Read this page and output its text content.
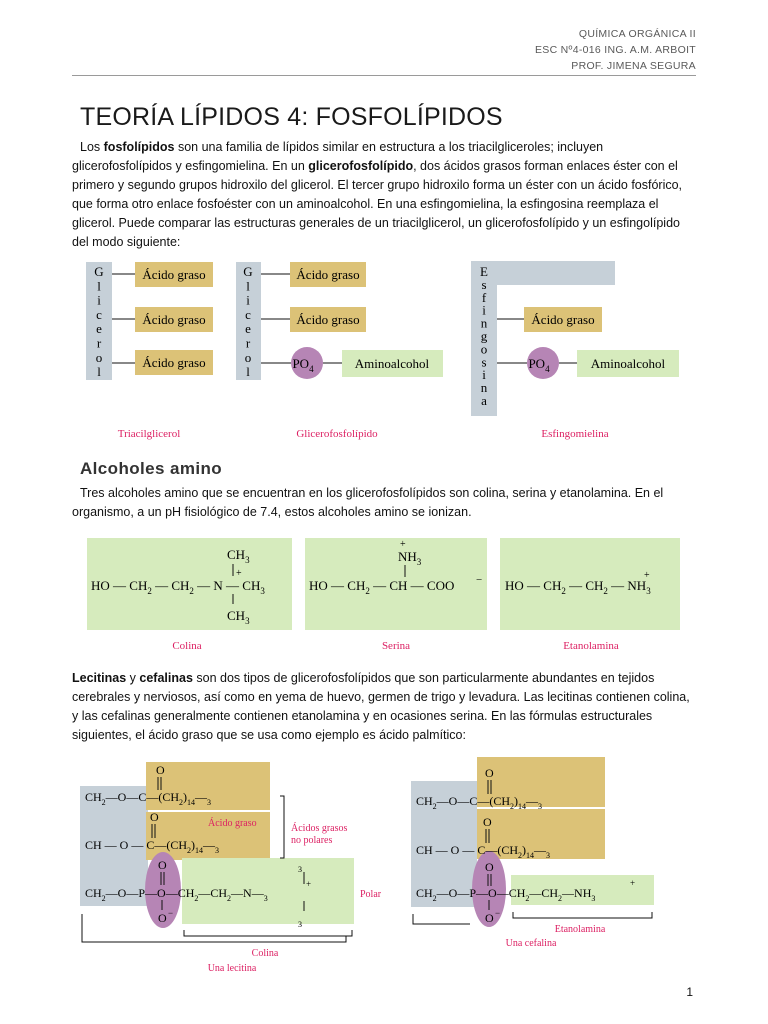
QUÍMICA ORGÁNICA II
ESC Nº4-016 ING. A.M. ARBOIT
PROF. JIMENA SEGURA
TEORÍA LÍPIDOS 4: FOSFOLÍPIDOS

Los fosfolípidos son una familia de lípidos similar en estructura a los triacilgliceroles; incluyen glicerofosfolípidos y esfingomielina. En un glicerofosfolípido, dos ácidos grasos forman enlaces éster con el primero y segundo grupos hidroxilo del glicerol. El tercer grupo hidroxilo forma un éster con un ácido fosfórico, que forma otro enlace fosfoéster con un aminoalcohol. En una esfingomielina, la esfingosina reemplaza el glicerol. Puede comparar las estructuras generales de un triacilglicerol, un glicerofosfolípido y un esfingolípido del modo siguiente:

Alcoholes amino

Tres alcoholes amino que se encuentran en los glicerofosfolípidos son colina, serina y etanolamina. En el organismo, a un pH fisiológico de 7.4, estos alcoholes amino se ionizan.

Lecitinas y cefalinas son dos tipos de glicerofosfolípidos que son particularmente abundantes en tejidos cerebrales y nerviosos, así como en yema de huevo, germen de trigo y levadura. Las lecitinas contienen colina, y las cefalinas generalmente contienen etanolamina y en ocasiones serina. En las fórmulas estructurales siguientes, el ácido graso que se usa como ejemplo es ácido palmítico:

G
l
i
c
e
r
o
l
Ácido graso
Ácido graso
Ácido graso
Triacilglicerol
G
l
i
c
e
r
o
l
Ácido graso
Ácido graso
$PO_4$	Aminoalcohol
Glicerofosfolípido
E
s
f
i
n
g
o
s
i
n
a
Ácido graso
$PO_4$	Aminoalcohol
Esfingomielina
HO — $CH_2$ — $CH_2$ — N — $CH_3$
+
$CH_3$
$CH_3$
Colina
HO — $CH_2$ — CH — COO −
+
$NH_3$
Serina
HO — $CH_2$ — $CH_2$ — $NH_3$
+
Etanolamina
$CH_2—O—C—(CH_2)_{14}—_3$
O
CH — O — $C—(CH_2)_{14}—_3$
O	Ácido graso
$CH_2—O—P—O—CH_2—CH_2—N—_3$
O
O −
$_3$
+
$_3$
Polar
Ácidos grasos
no polares
Colina
Una lecitina
$CH_2—O—C—(CH_2)_{14}—_3$
O
CH — O — $C—(CH_2)_{14}—_3$
O
$CH_2—O—P—O—CH_2—CH_2—NH_3$
O
O −
+
Etanolamina
Una cefalina
1
